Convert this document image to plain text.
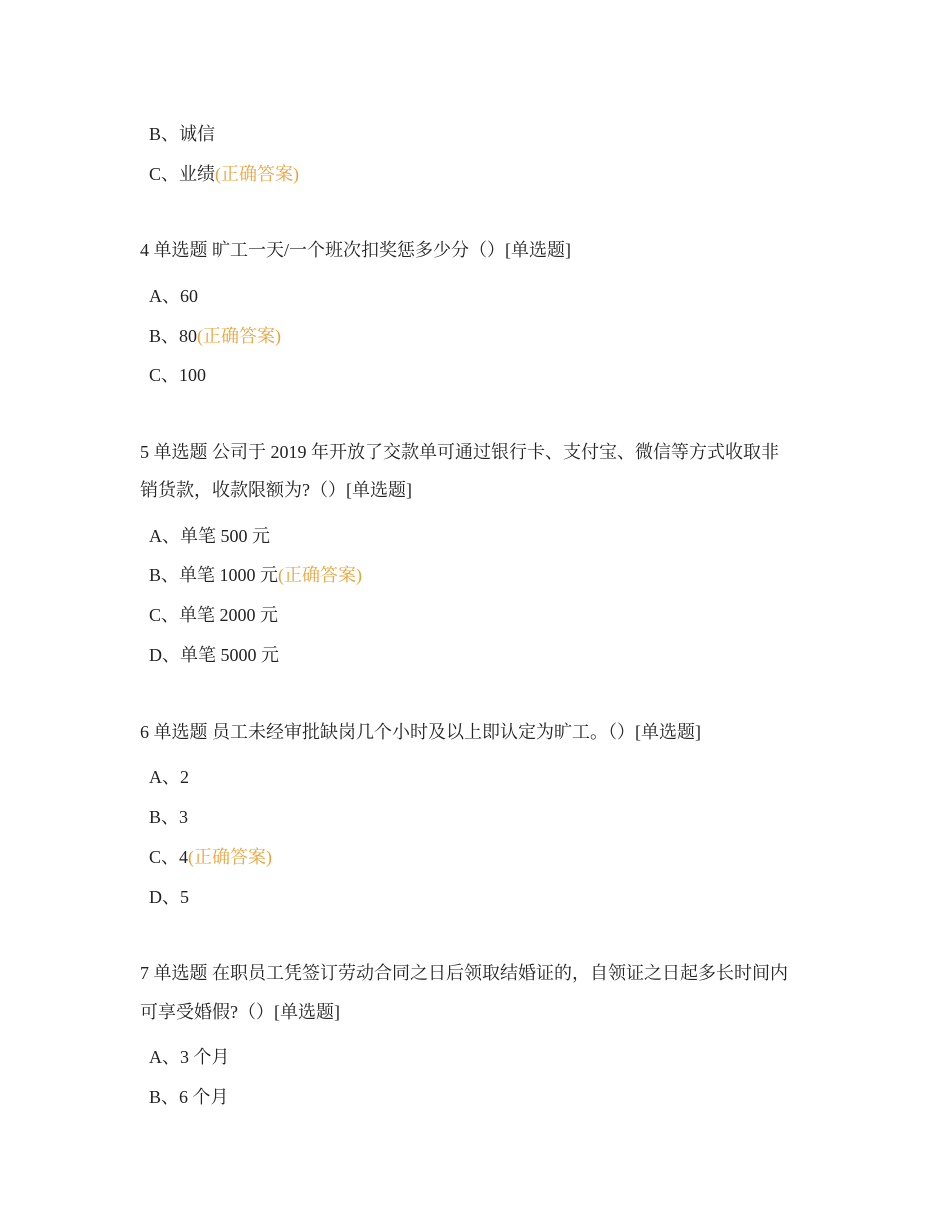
B、诚信
C、业绩(正确答案)
4 单选题 旷工一天/一个班次扣奖惩多少分（）[单选题]
A、60
B、80(正确答案)
C、100
5 单选题 公司于 2019 年开放了交款单可通过银行卡、支付宝、微信等方式收取非
销货款，收款限额为?（）[单选题]
A、单笔 500 元
B、单笔 1000 元(正确答案)
C、单笔 2000 元
D、单笔 5000 元
6 单选题 员工未经审批缺岗几个小时及以上即认定为旷工。（）[单选题]
A、2
B、3
C、4(正确答案)
D、5
7 单选题 在职员工凭签订劳动合同之日后领取结婚证的，自领证之日起多长时间内
可享受婚假?（）[单选题]
A、3 个月
B、6 个月
